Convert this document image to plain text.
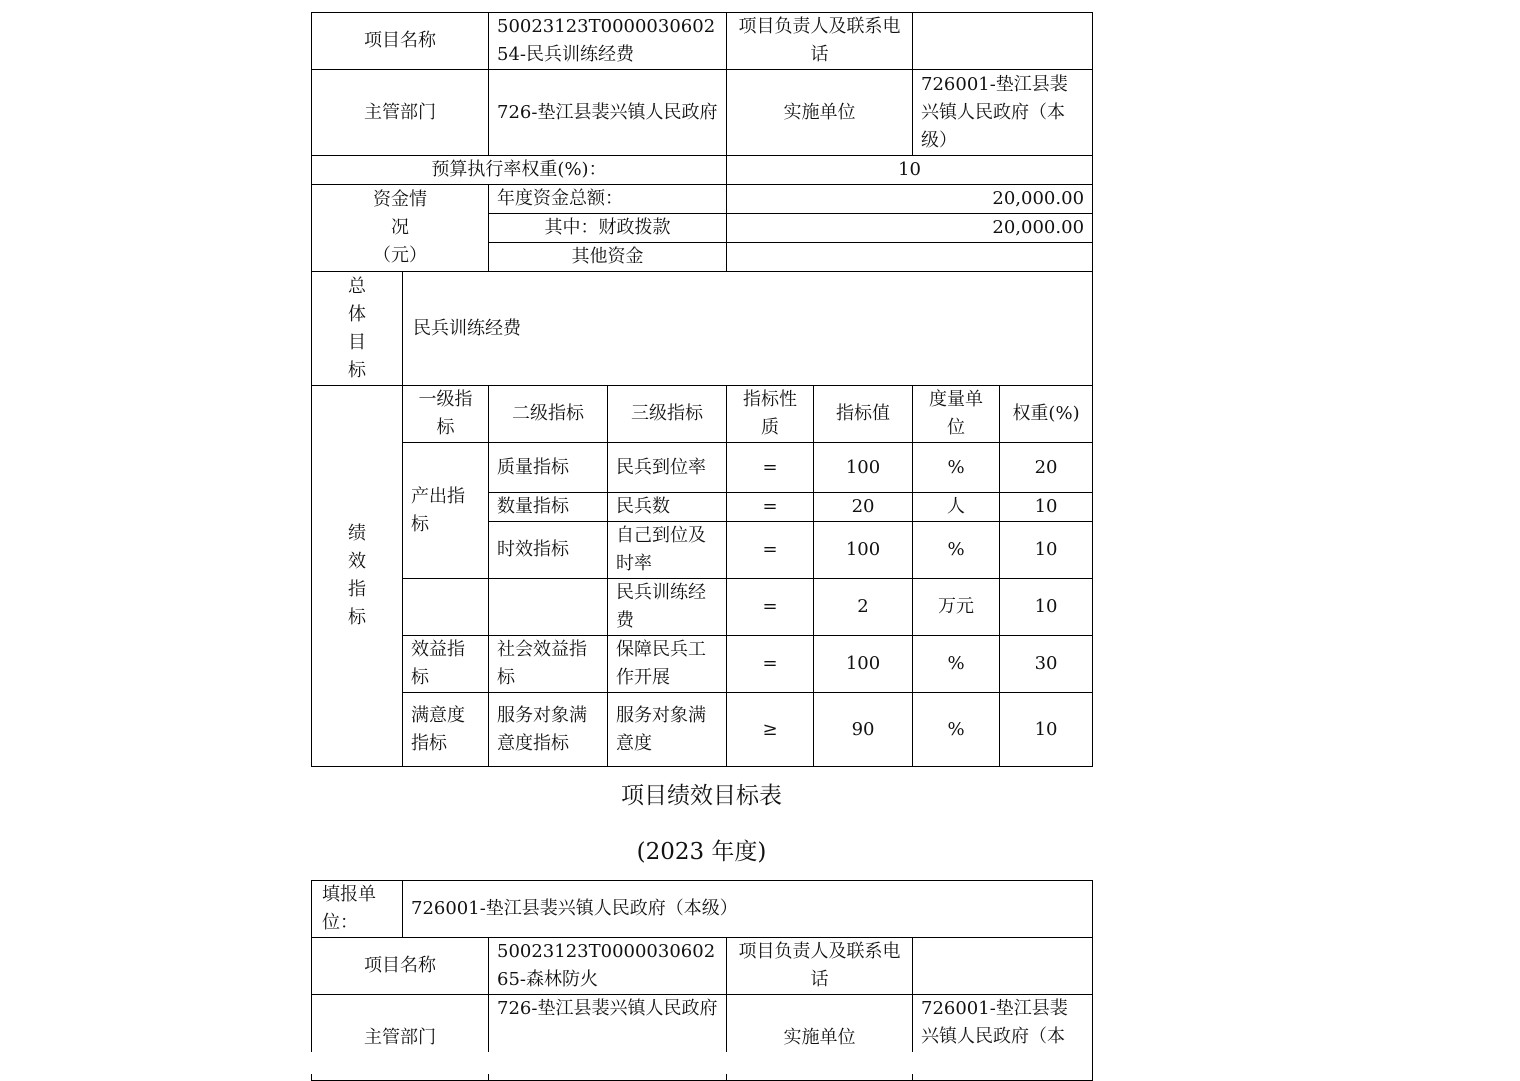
项目名称		50023123T000003060254-民兵训练经费		项目负责人及联系电话			
主管部门		726-垫江县裴兴镇人民政府		实施单位		726001-垫江县裴兴镇人民政府（本级）	
预算执行率权重(%)：				10			
资金情况（元）		年度资金总额：		20,000.00			
		其中：财政拨款		20,000.00			
		其他资金					
总体目标	民兵训练经费						
绩效指标	一级指标	二级指标	三级指标	指标性质	指标值	度量单位	权重(%)
	产出指标	质量指标	民兵到位率	=	100	%	20
		数量指标	民兵数	=	20	人	10
		时效指标	自己到位及时率	=	100	%	10
			民兵训练经费	=	2	万元	10
	效益指标	社会效益指标	保障民兵工作开展	=	100	%	30
	满意度指标	服务对象满意度指标	服务对象满意度	≥	90	%	10
项目绩效目标表
(2023 年度)
填报单位：	726001-垫江县裴兴镇人民政府（本级）			
项目名称		50023123T000003060265-森林防火	项目负责人及联系电话	
主管部门		726-垫江县裴兴镇人民政府	实施单位	726001-垫江县裴兴镇人民政府（本
